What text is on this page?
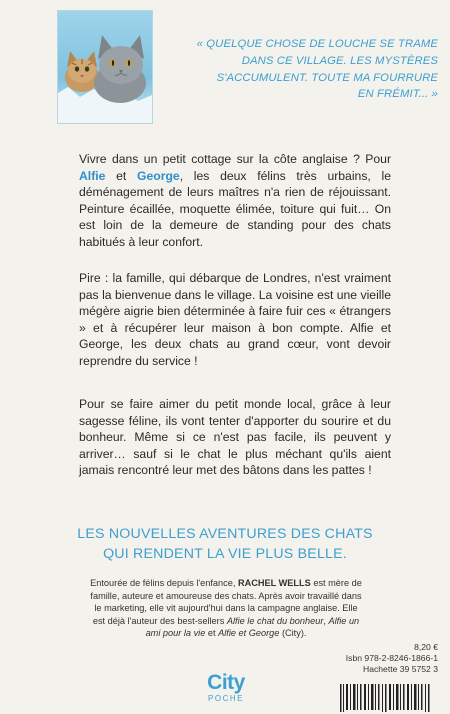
« QUELQUE CHOSE DE LOUCHE SE TRAME
DANS CE VILLAGE. LES MYSTÈRES
S'ACCUMULENT. TOUTE MA FOURRURE
EN FRÉMIT... »
Vivre dans un petit cottage sur la côte anglaise ? Pour Alfie et George, les deux félins très urbains, le déménagement de leurs maîtres n'a rien de réjouissant. Peinture écaillée, moquette élimée, toiture qui fuit… On est loin de la demeure de standing pour des chats habitués à leur confort.
Pire : la famille, qui débarque de Londres, n'est vraiment pas la bienvenue dans le village. La voisine est une vieille mégère aigrie bien déterminée à faire fuir ces « étrangers » et à récupérer leur maison à bon compte. Alfie et George, les deux chats au grand cœur, vont devoir reprendre du service !
Pour se faire aimer du petit monde local, grâce à leur sagesse féline, ils vont tenter d'apporter du sourire et du bonheur. Même si ce n'est pas facile, ils peuvent y arriver… sauf si le chat le plus méchant qu'ils aient jamais rencontré leur met des bâtons dans les pattes !
LES NOUVELLES AVENTURES DES CHATS
QUI RENDENT LA VIE PLUS BELLE.
Entourée de félins depuis l'enfance, RACHEL WELLS est mère de famille, auteure et amoureuse des chats. Après avoir travaillé dans le marketing, elle vit aujourd'hui dans la campagne anglaise. Elle est déjà l'auteur des best-sellers Alfie le chat du bonheur, Alfie un ami pour la vie et Alfie et George (City).
8,20 €
Isbn 978-2-8246-1866-1
Hachette 39 5752 3
City
POCHE
